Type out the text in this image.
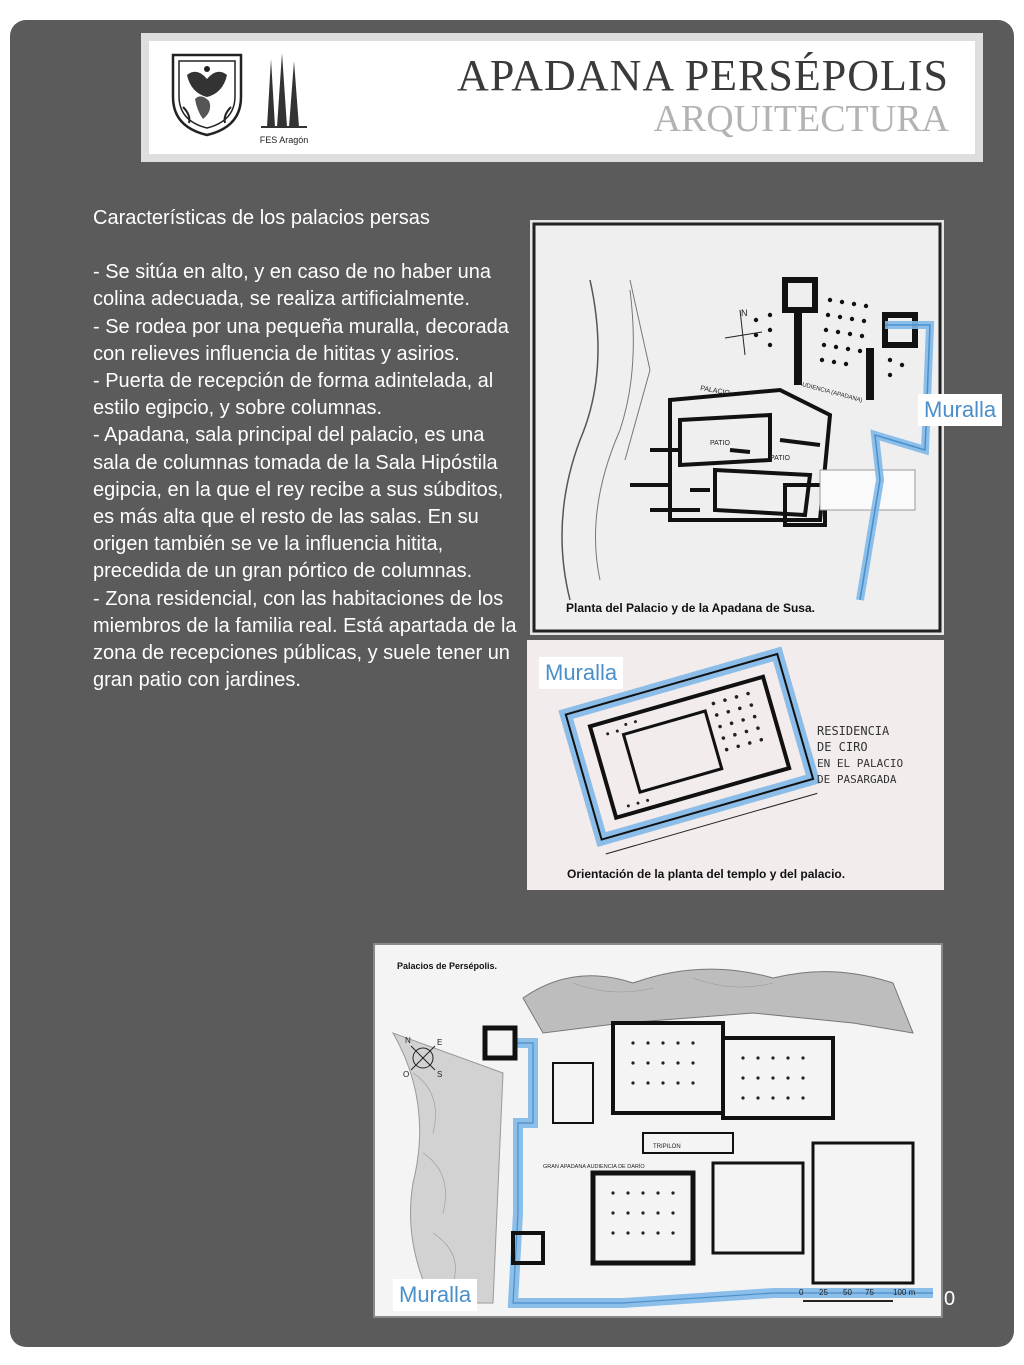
FES Aragón
APADANA PERSÉPOLIS
ARQUITECTURA

Características de los palacios persas

- Se sitúa en alto, y en caso de no haber una colina adecuada, se realiza artificialmente.

- Se rodea por una pequeña muralla, decorada con relieves influencia de hititas y asirios.

- Puerta de recepción de forma adintelada, al estilo egipcio, y sobre columnas.

- Apadana, sala principal del palacio, es una sala de columnas tomada de la Sala Hipóstila egipcia, en la que el rey recibe a sus súbditos, es más alta que el resto de las salas. En su origen también se ve la influencia hitita, precedida de un gran pórtico de columnas.

- Zona residencial, con las habitaciones de los miembros de la familia real. Está apartada de la zona de recepciones públicas, y suele tener un gran patio con jardines.

N
PALACIO	AUDIENCIA (APADANA)
PATIO
PATIO
Planta del Palacio y de la Apadana de Susa.
Muralla
RESIDENCIA
DE CIRO
EN EL PALACIO
DE PASARGADA
Orientación de la planta del templo y del palacio.
Muralla
Palacios de Persépolis.
N	E
S
O
TRIPILON
GRAN APADANA AUDIENCIA DE DARÍO
0 25 50 75 100 m
Muralla	0
